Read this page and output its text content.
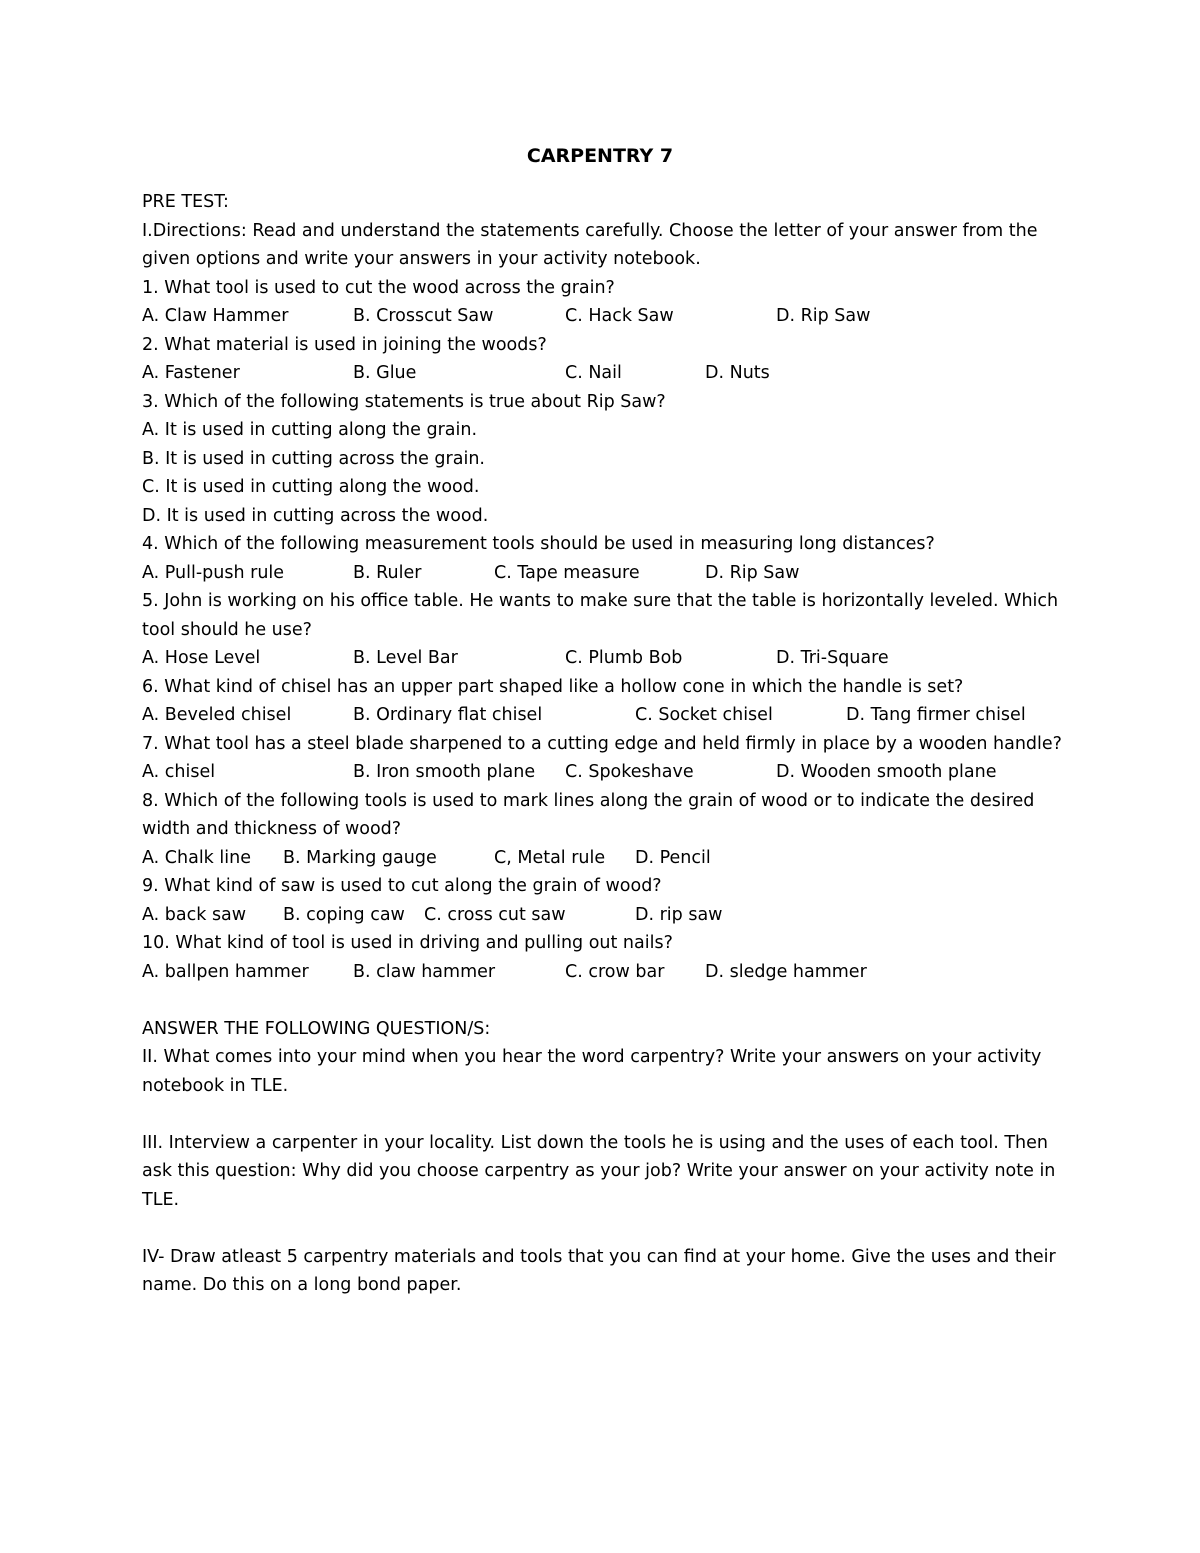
CARPENTRY 7
PRE TEST:
I.Directions: Read and understand the statements carefully. Choose the letter of your answer from the given options and write your answers in your activity notebook.
1. What tool is used to cut the wood across the grain?
A. Claw Hammer	B. Crosscut Saw	C. Hack Saw	D. Rip Saw
2. What material is used in joining the woods?
A. Fastener	B. Glue	C. Nail	D. Nuts
3. Which of the following statements is true about Rip Saw?
A. It is used in cutting along the grain.
B. It is used in cutting across the grain.
C. It is used in cutting along the wood.
D. It is used in cutting across the wood.
4. Which of the following measurement tools should be used in measuring long distances?
A. Pull-push rule	B. Ruler	C. Tape measure	D. Rip Saw
5. John is working on his office table. He wants to make sure that the table is horizontally leveled. Which tool should he use?
A. Hose Level	B. Level Bar	C. Plumb Bob	D. Tri-Square
6. What kind of chisel has an upper part shaped like a hollow cone in which the handle is set?
A. Beveled chisel	B. Ordinary flat chisel	C. Socket chisel	D. Tang firmer chisel
7. What tool has a steel blade sharpened to a cutting edge and held firmly in place by a wooden handle?
A. chisel	B. Iron smooth plane C. Spokeshave	D. Wooden smooth plane
8. Which of the following tools is used to mark lines along the grain of wood or to indicate the desired width and thickness of wood?
A. Chalk line B. Marking gauge	C, Metal rule D. Pencil
9. What kind of saw is used to cut along the grain of wood?
A. back saw B. coping caw C. cross cut saw	D. rip saw
10. What kind of tool is used in driving and pulling out nails?
A. ballpen hammer	B. claw hammer	C. crow bar D. sledge hammer
ANSWER THE FOLLOWING QUESTION/S:
II. What comes into your mind when you hear the word carpentry? Write your answers on your activity notebook in TLE.
III. Interview a carpenter in your locality. List down the tools he is using and the uses of each tool. Then ask this question: Why did you choose carpentry as your job? Write your answer on your activity note in TLE.
IV- Draw atleast 5 carpentry materials and tools that you can find at your home. Give the uses and their name. Do this on a long bond paper.
